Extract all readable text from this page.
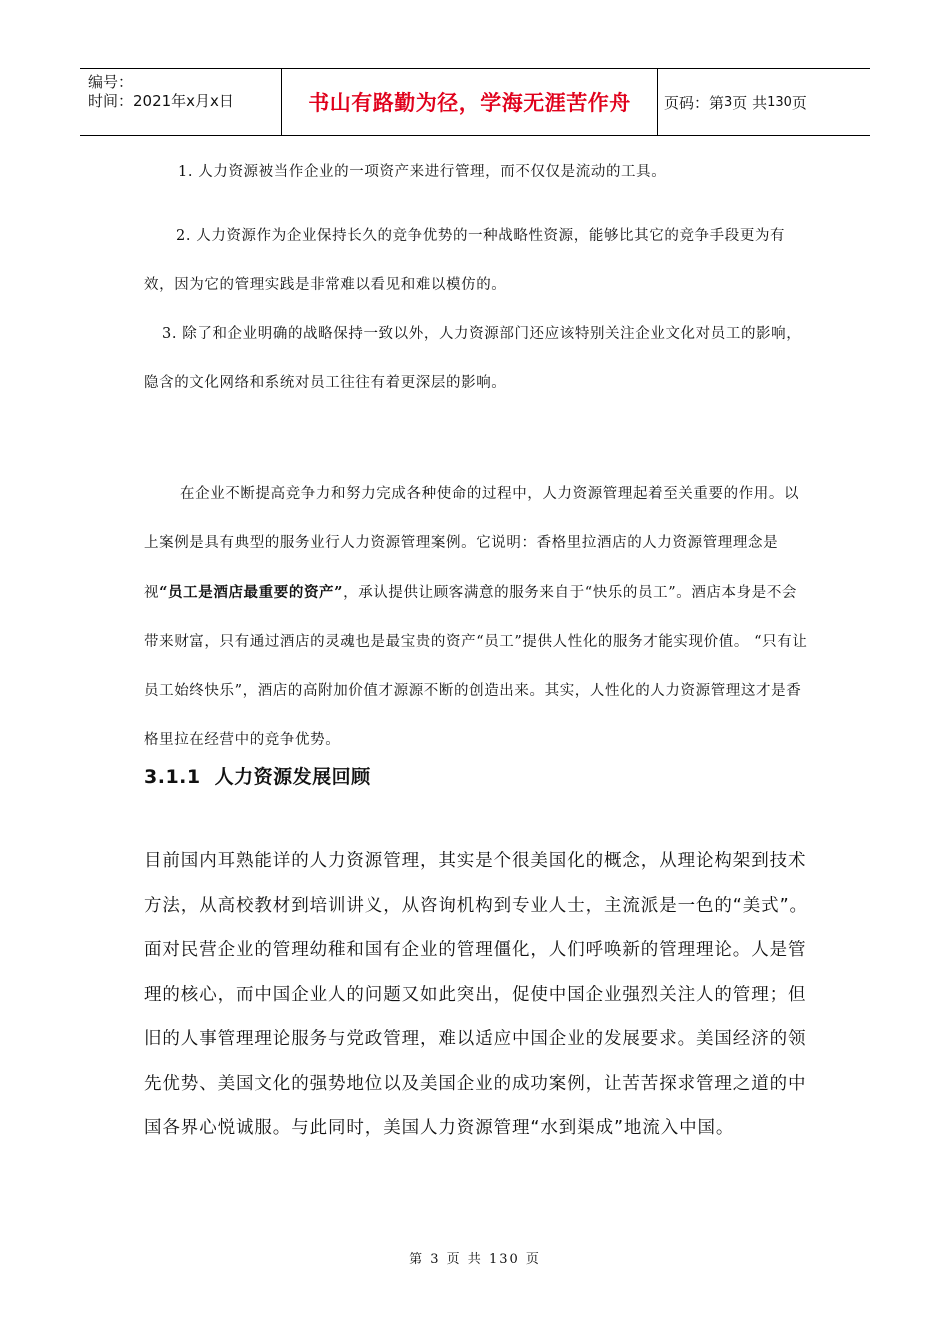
编号：
时间：2021年x月x日	书山有路勤为径，学海无涯苦作舟 页码：第 3 页 共 130 页

1. 人力资源被当作企业的一项资产来进行管理，而不仅仅是流动的工具。

2. 人力资源作为企业保持长久的竞争优势的一种战略性资源，能够比其它的竞争手段更为有效，因为它的管理实践是非常难以看见和难以模仿的。

3. 除了和企业明确的战略保持一致以外，人力资源部门还应该特别关注企业文化对员工的影响，隐含的文化网络和系统对员工往往有着更深层的影响。

在企业不断提高竞争力和努力完成各种使命的过程中，人力资源管理起着至关重要的作用。以上案例是具有典型的服务业行人力资源管理案例。它说明：香格里拉酒店的人力资源管理理念是视“员工是酒店最重要的资产”，承认提供让顾客满意的服务来自于“快乐的员工”。酒店本身是不会带来财富，只有通过酒店的灵魂也是最宝贵的资产“员工”提供人性化的服务才能实现价值。 “只有让员工始终快乐”，酒店的高附加价值才源源不断的创造出来。其实，人性化的人力资源管理这才是香格里拉在经营中的竞争优势。

3.1.1 人力资源发展回顾

目前国内耳熟能详的人力资源管理，其实是个很美国化的概念，从理论构架到技术方法，从高校教材到培训讲义，从咨询机构到专业人士，主流派是一色的“美式”。面对民营企业的管理幼稚和国有企业的管理僵化，人们呼唤新的管理理论。人是管理的核心，而中国企业人的问题又如此突出，促使中国企业强烈关注人的管理；但旧的人事管理理论服务与党政管理，难以适应中国企业的发展要求。美国经济的领先优势、美国文化的强势地位以及美国企业的成功案例，让苦苦探求管理之道的中国各界心悦诚服。与此同时，美国人力资源管理“水到渠成”地流入中国。

第 3 页 共 130 页
